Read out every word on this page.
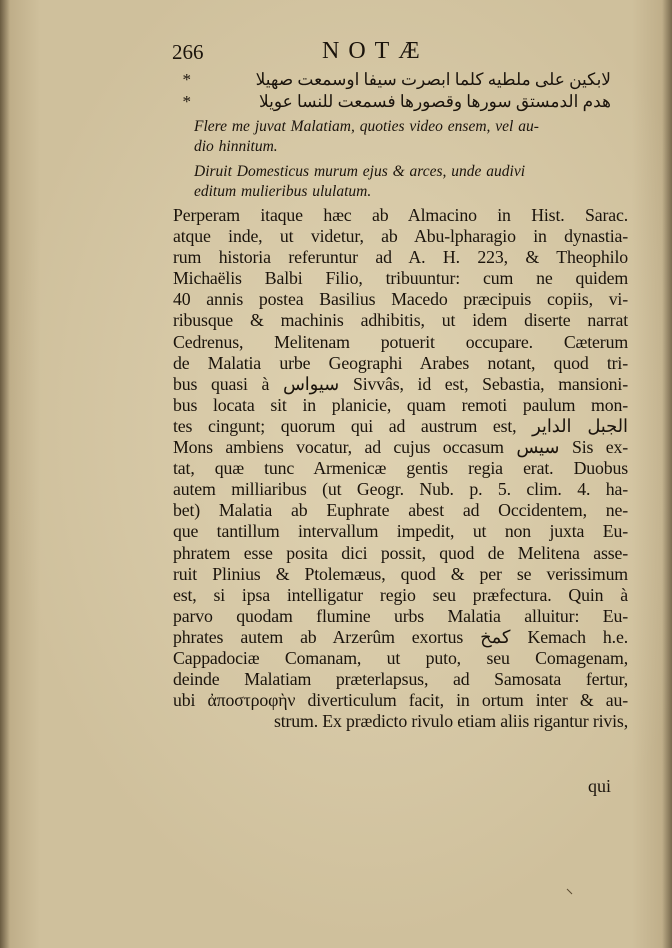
266	NOTÆ
*	لابكين على ملطيه كلما ابصرت سيفا اوسمعت صهيلا
*	هدم الدمستق سورها وقصورها فسمعت للنسا عويلا
Flere me juvat Malatiam, quoties video ensem, vel au-
dio hinnitum.
Diruit Domesticus murum ejus & arces, unde audivi
editum mulieribus ululatum.
Perperam itaque hæc ab Almacino in Hist. Sarac.
atque inde, ut videtur, ab Abu-lpharagio in dynastia-
rum historia referuntur ad A. H. 223, & Theophilo
Michaëlis Balbi Filio, tribuuntur: cum ne quidem
40 annis postea Basilius Macedo præcipuis copiis, vi-
ribusque & machinis adhibitis, ut idem diserte narrat
Cedrenus, Melitenam potuerit occupare. Cæterum
de Malatia urbe Geographi Arabes notant, quod tri-
bus quasi à سيواس Sivvâs, id est, Sebastia, mansioni-
bus locata sit in planicie, quam remoti paulum mon-
tes cingunt; quorum qui ad austrum est, الجبل الداير
Mons ambiens vocatur, ad cujus occasum سيس Sis ex-
tat, quæ tunc Armenicæ gentis regia erat. Duobus
autem milliaribus (ut Geogr. Nub. p. 5. clim. 4. ha-
bet) Malatia ab Euphrate abest ad Occidentem, ne-
que tantillum intervallum impedit, ut non juxta Eu-
phratem esse posita dici possit, quod de Melitena asse-
ruit Plinius & Ptolemæus, quod & per se verissimum
est, si ipsa intelligatur regio seu præfectura. Quin à
parvo quodam flumine urbs Malatia alluitur: Eu-
phrates autem ab Arzerûm exortus كمخ Kemach h.e.
Cappadociæ Comanam, ut puto, seu Comagenam,
deinde Malatiam præterlapsus, ad Samosata fertur,
ubi ἀποστροφὴν diverticulum facit, in ortum inter & au-
strum. Ex prædicto rivulo etiam aliis rigantur rivis,
qui
